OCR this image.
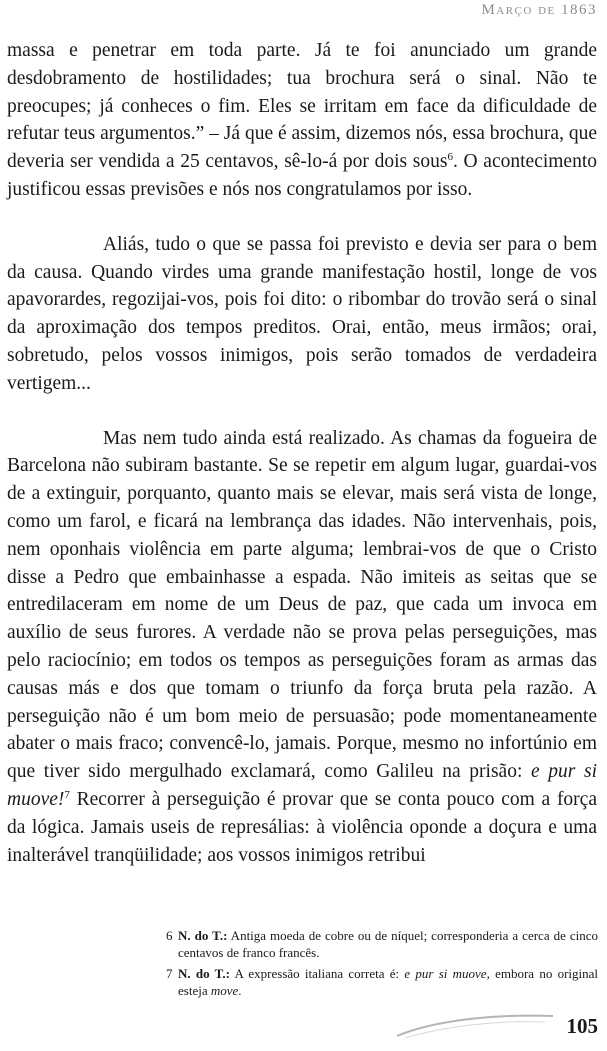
Março de 1863

massa e penetrar em toda parte. Já te foi anunciado um grande desdobramento de hostilidades; tua brochura será o sinal. Não te preocupes; já conheces o fim. Eles se irritam em face da dificuldade de refutar teus argumentos.” – Já que é assim, dizemos nós, essa brochura, que deveria ser vendida a 25 centavos, sê-lo-á por dois sous$^6$. O acontecimento justificou essas previsões e nós nos congratulamos por isso.

Aliás, tudo o que se passa foi previsto e devia ser para o bem da causa. Quando virdes uma grande manifestação hostil, longe de vos apavorardes, regozijai-vos, pois foi dito: o ribombar do trovão será o sinal da aproximação dos tempos preditos. Orai, então, meus irmãos; orai, sobretudo, pelos vossos inimigos, pois serão tomados de verdadeira vertigem...

Mas nem tudo ainda está realizado. As chamas da fogueira de Barcelona não subiram bastante. Se se repetir em algum lugar, guardai-vos de a extinguir, porquanto, quanto mais se elevar, mais será vista de longe, como um farol, e ficará na lembrança das idades. Não intervenhais, pois, nem oponhais violência em parte alguma; lembrai-vos de que o Cristo disse a Pedro que embainhasse a espada. Não imiteis as seitas que se entredilaceram em nome de um Deus de paz, que cada um invoca em auxílio de seus furores. A verdade não se prova pelas perseguições, mas pelo raciocínio; em todos os tempos as perseguições foram as armas das causas más e dos que tomam o triunfo da força bruta pela razão. A perseguição não é um bom meio de persuasão; pode momentaneamente abater o mais fraco; convencê-lo, jamais. Porque, mesmo no infortúnio em que tiver sido mergulhado exclamará, como Galileu na prisão: e pur si muove!$^7$ Recorrer à perseguição é provar que se conta pouco com a força da lógica. Jamais useis de represálias: à violência oponde a doçura e uma inalterável tranqüilidade; aos vossos inimigos retribui

6 N. do T.: Antiga moeda de cobre ou de níquel; corresponderia a cerca de cinco centavos de franco francês.
7 N. do T.: A expressão italiana correta é: e pur si muove, embora no original esteja move.
105
